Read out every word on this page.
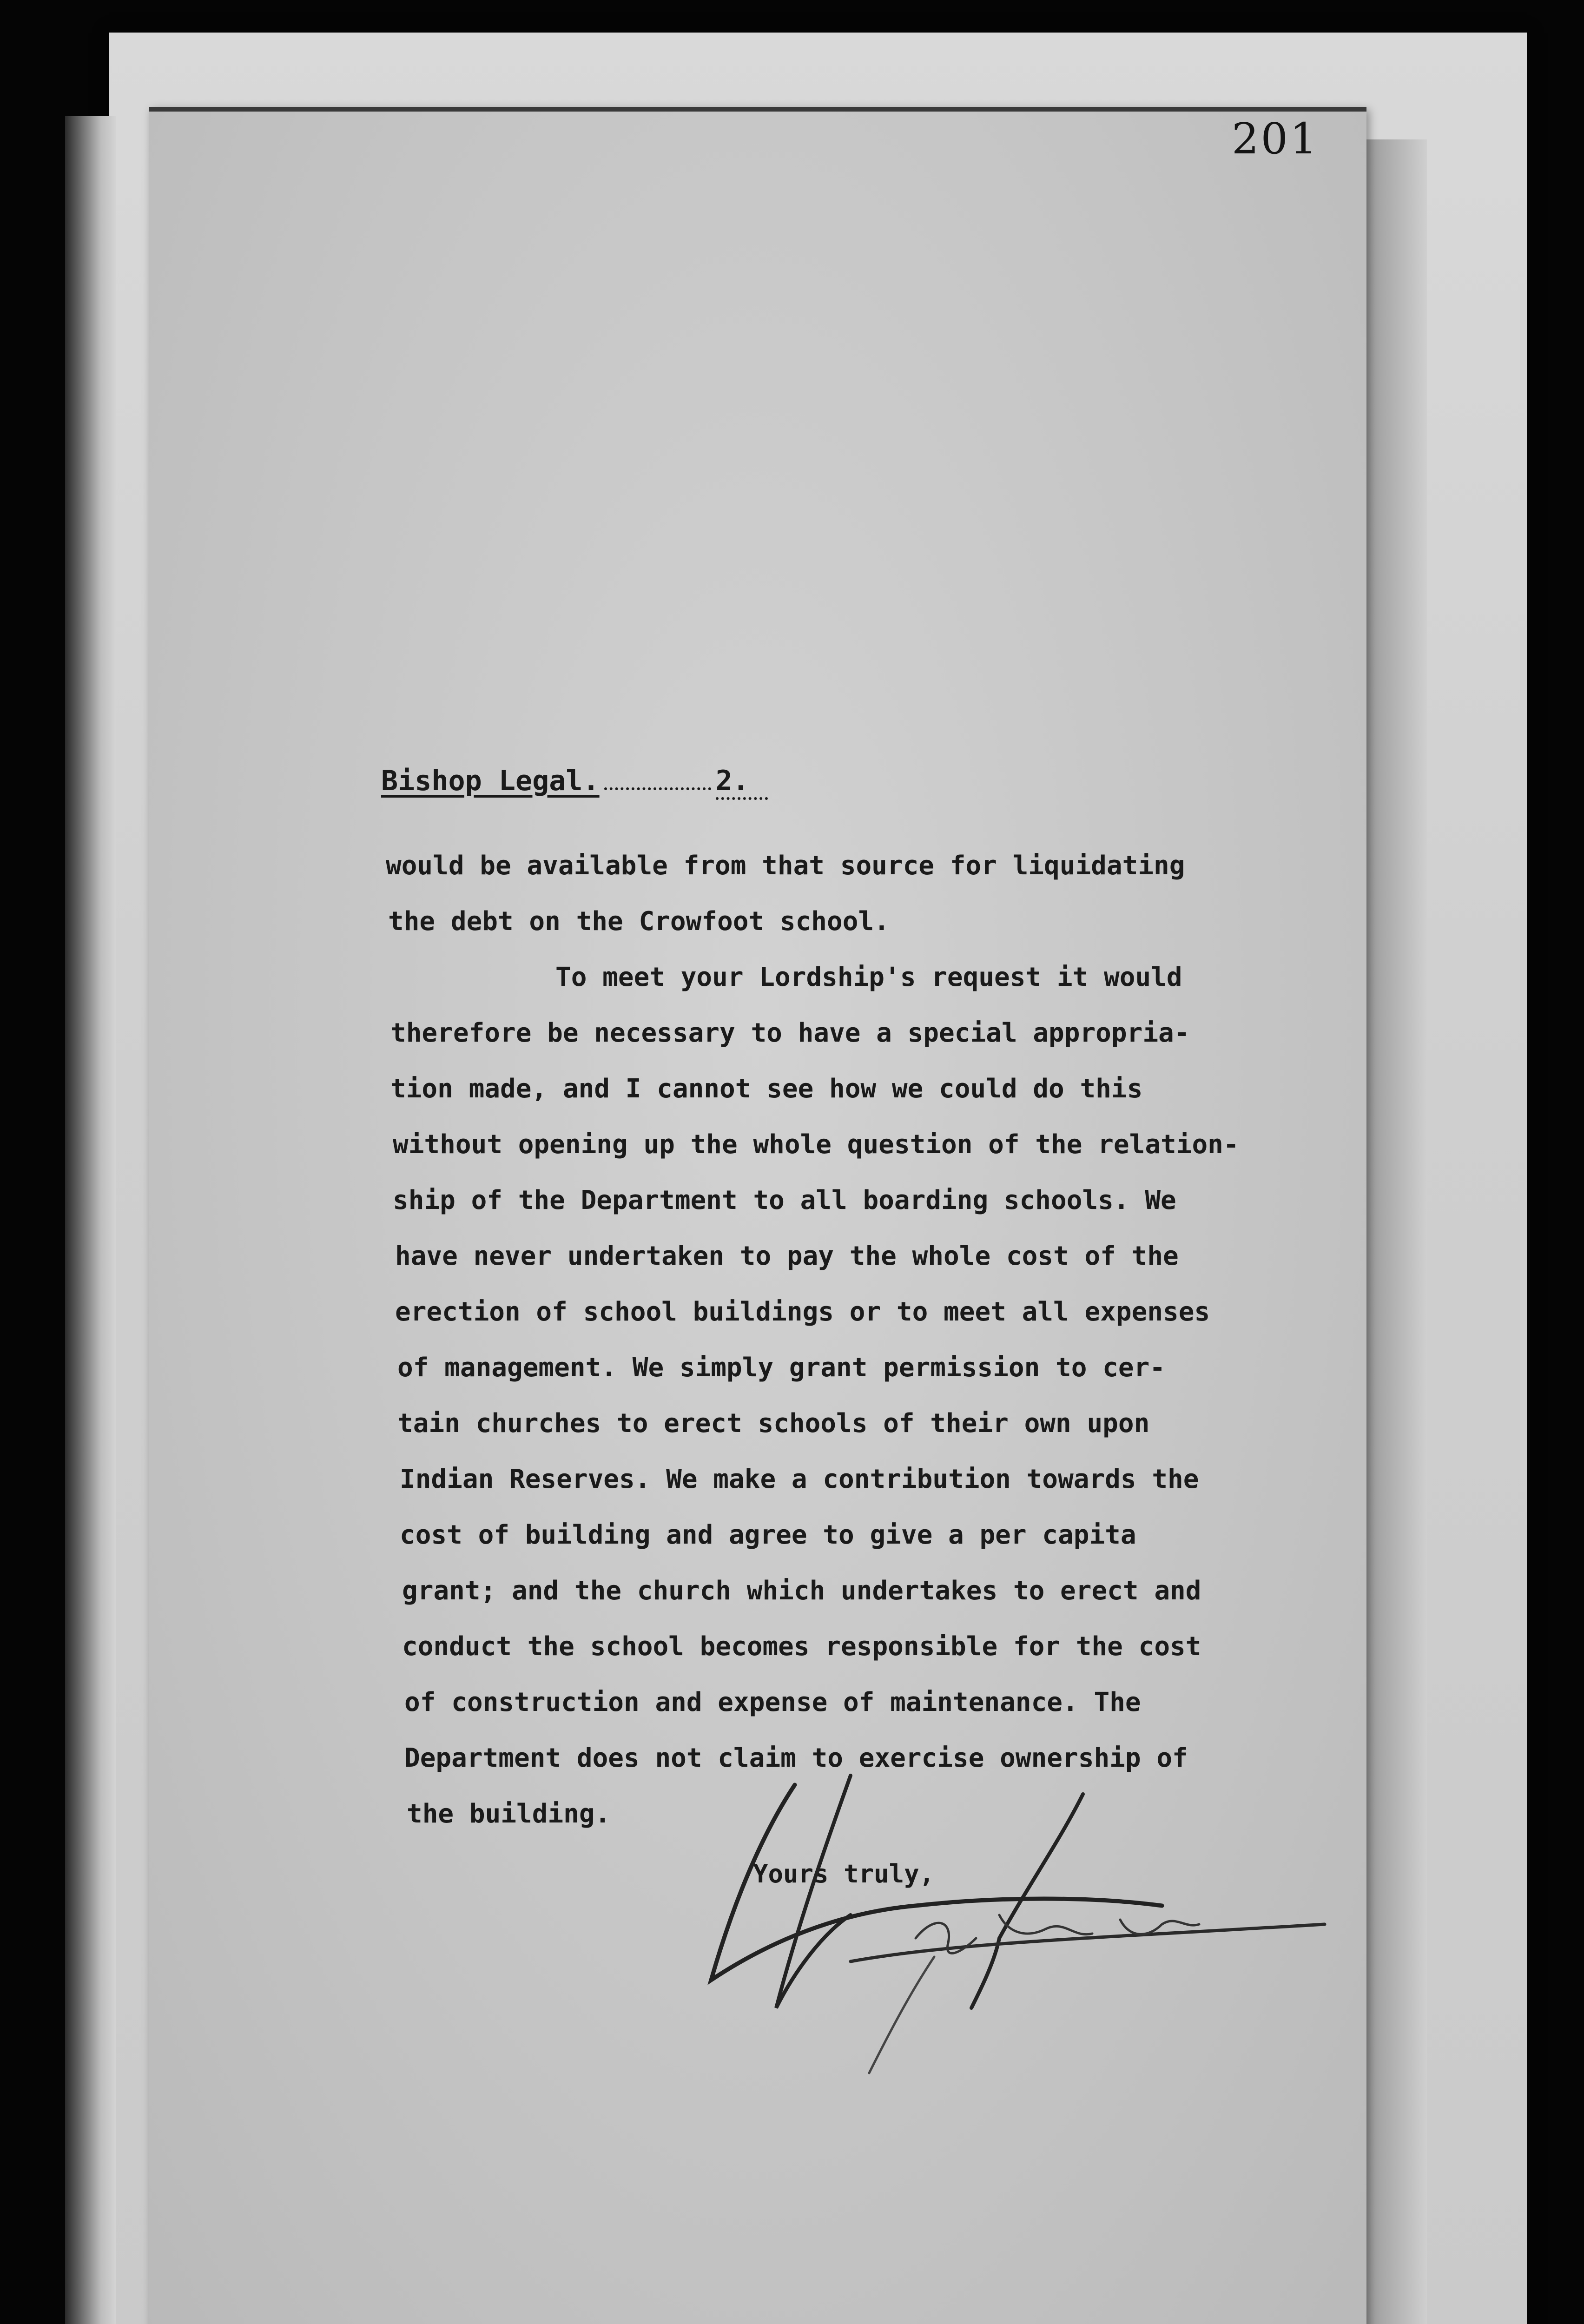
201
Bishop Legal.	2.
would be available from that source for liquidating
the debt on the Crowfoot school.
To meet your Lordship's request it would
therefore be necessary to have a special appropria-
tion made, and I cannot see how we could do this
without opening up the whole question of the relation-
ship of the Department to all boarding schools. We
have never undertaken to pay the whole cost of the
erection of school buildings or to meet all expenses
of management. We simply grant permission to cer-
tain churches to erect schools of their own upon
Indian Reserves. We make a contribution towards the
cost of building and agree to give a per capita
grant; and the church which undertakes to erect and
conduct the school becomes responsible for the cost
of construction and expense of maintenance. The
Department does not claim to exercise ownership of
the building.
Yours truly,
